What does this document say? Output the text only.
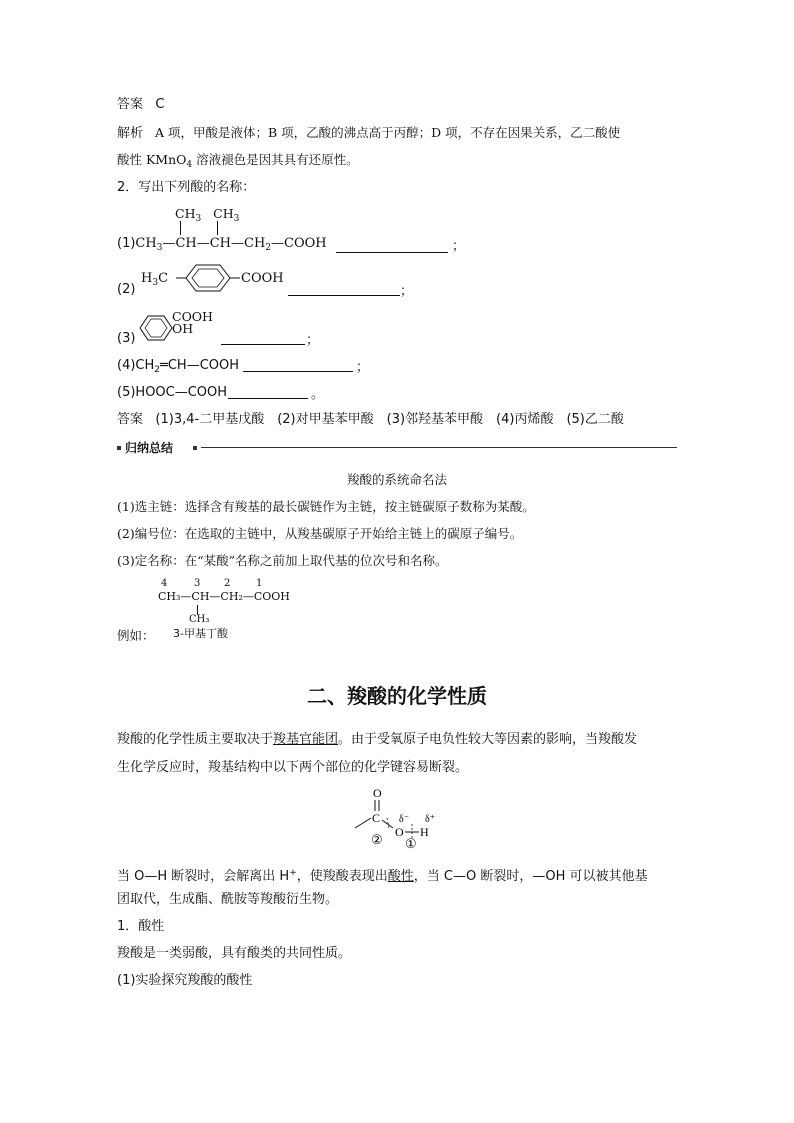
答案 C
解析 A 项，甲酸是液体；B 项，乙酸的沸点高于丙醇；D 项，不存在因果关系，乙二酸使
酸性 KMnO$_4$ 溶液褪色是因其具有还原性。
2．写出下列酸的名称：
$CH_3$ $CH_3$
$(1)CH_3—CH—CH—CH_2—COOH$	；
(2)
$H_3C$	COOH
；
(3)
COOH
OH
；
$(4)CH_2═CH—COOH$	；
(5)HOOC—COOH	。
答案 (1)3,4-二甲基戊酸　(2)对甲基苯甲酸　(3)邻羟基苯甲酸　(4)丙烯酸　(5)乙二酸
归纳总结
羧酸的系统命名法
(1)选主链：选择含有羧基的最长碳链作为主链，按主链碳原子数称为某酸。
(2)编号位：在选取的主链中，从羧基碳原子开始给主链上的碳原子编号。
(3)定名称：在“某酸”名称之前加上取代基的位次号和名称。
4	3 2	1
CH₃—CH—CH₂—COOH
CH₃
3-甲基丁酸
例如：
二、羧酸的化学性质
羧酸的化学性质主要取决于羧基官能团。由于受氧原子电负性较大等因素的影响，当羧酸发
生化学反应时，羧基结构中以下两个部位的化学键容易断裂。
O
C
O H
δ⁻ δ⁺
② ①
当 O—H 断裂时，会解离出 H+，使羧酸表现出酸性，当 C—O 断裂时，—OH 可以被其他基
团取代，生成酯、酰胺等羧酸衍生物。
1．酸性
羧酸是一类弱酸，具有酸类的共同性质。
(1)实验探究羧酸的酸性
